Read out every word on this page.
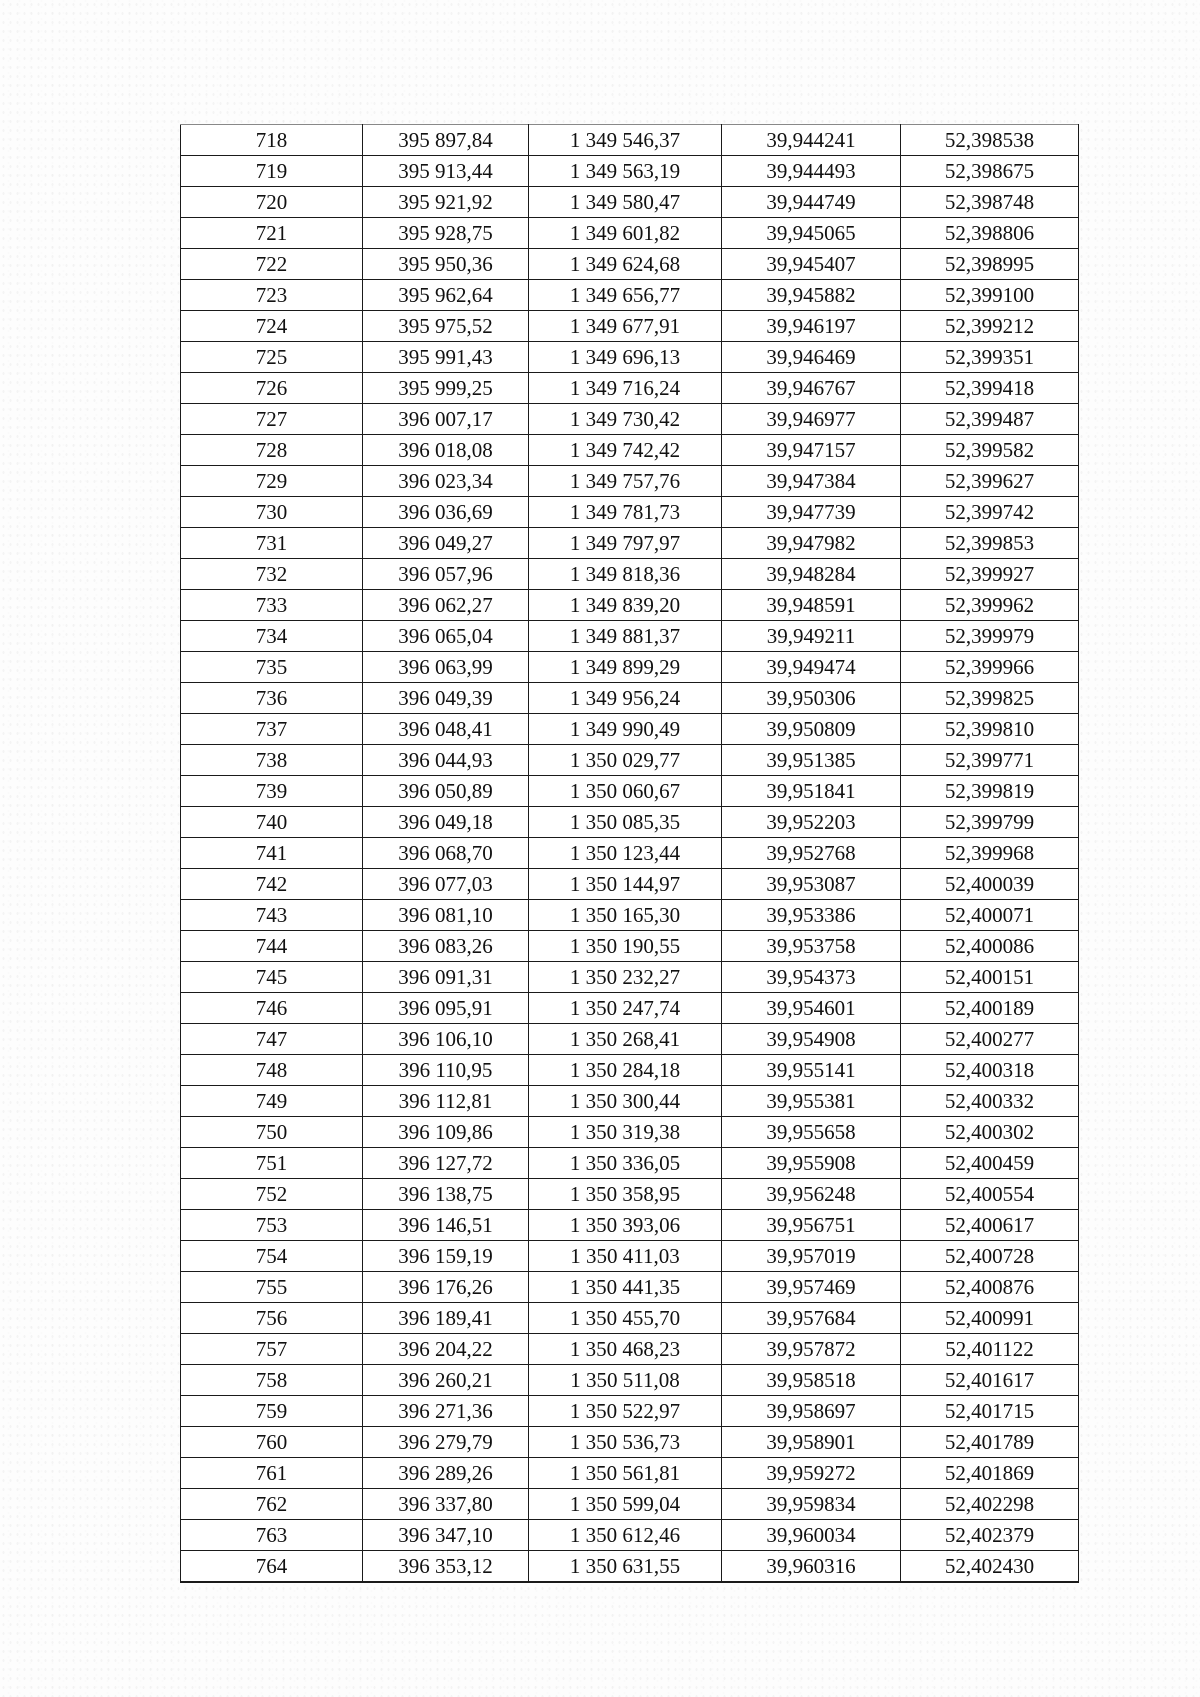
718	395 897,84	1 349 546,37	39,944241	52,398538
719	395 913,44	1 349 563,19	39,944493	52,398675
720	395 921,92	1 349 580,47	39,944749	52,398748
721	395 928,75	1 349 601,82	39,945065	52,398806
722	395 950,36	1 349 624,68	39,945407	52,398995
723	395 962,64	1 349 656,77	39,945882	52,399100
724	395 975,52	1 349 677,91	39,946197	52,399212
725	395 991,43	1 349 696,13	39,946469	52,399351
726	395 999,25	1 349 716,24	39,946767	52,399418
727	396 007,17	1 349 730,42	39,946977	52,399487
728	396 018,08	1 349 742,42	39,947157	52,399582
729	396 023,34	1 349 757,76	39,947384	52,399627
730	396 036,69	1 349 781,73	39,947739	52,399742
731	396 049,27	1 349 797,97	39,947982	52,399853
732	396 057,96	1 349 818,36	39,948284	52,399927
733	396 062,27	1 349 839,20	39,948591	52,399962
734	396 065,04	1 349 881,37	39,949211	52,399979
735	396 063,99	1 349 899,29	39,949474	52,399966
736	396 049,39	1 349 956,24	39,950306	52,399825
737	396 048,41	1 349 990,49	39,950809	52,399810
738	396 044,93	1 350 029,77	39,951385	52,399771
739	396 050,89	1 350 060,67	39,951841	52,399819
740	396 049,18	1 350 085,35	39,952203	52,399799
741	396 068,70	1 350 123,44	39,952768	52,399968
742	396 077,03	1 350 144,97	39,953087	52,400039
743	396 081,10	1 350 165,30	39,953386	52,400071
744	396 083,26	1 350 190,55	39,953758	52,400086
745	396 091,31	1 350 232,27	39,954373	52,400151
746	396 095,91	1 350 247,74	39,954601	52,400189
747	396 106,10	1 350 268,41	39,954908	52,400277
748	396 110,95	1 350 284,18	39,955141	52,400318
749	396 112,81	1 350 300,44	39,955381	52,400332
750	396 109,86	1 350 319,38	39,955658	52,400302
751	396 127,72	1 350 336,05	39,955908	52,400459
752	396 138,75	1 350 358,95	39,956248	52,400554
753	396 146,51	1 350 393,06	39,956751	52,400617
754	396 159,19	1 350 411,03	39,957019	52,400728
755	396 176,26	1 350 441,35	39,957469	52,400876
756	396 189,41	1 350 455,70	39,957684	52,400991
757	396 204,22	1 350 468,23	39,957872	52,401122
758	396 260,21	1 350 511,08	39,958518	52,401617
759	396 271,36	1 350 522,97	39,958697	52,401715
760	396 279,79	1 350 536,73	39,958901	52,401789
761	396 289,26	1 350 561,81	39,959272	52,401869
762	396 337,80	1 350 599,04	39,959834	52,402298
763	396 347,10	1 350 612,46	39,960034	52,402379
764	396 353,12	1 350 631,55	39,960316	52,402430
